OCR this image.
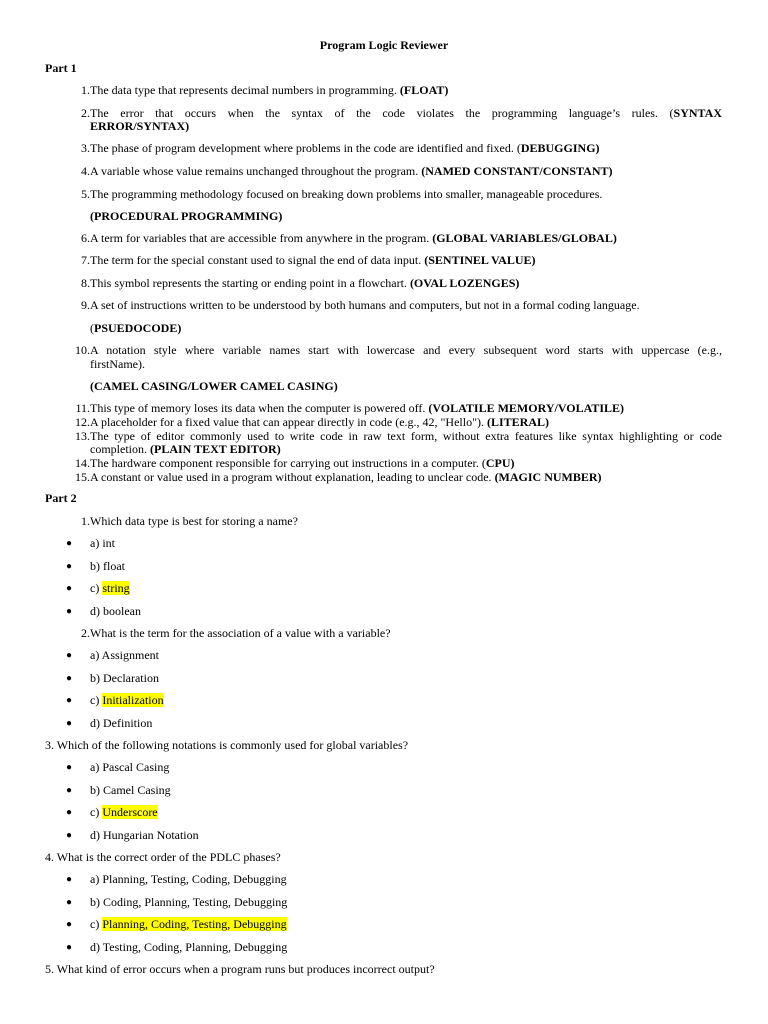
Program Logic Reviewer
Part 1
1. The data type that represents decimal numbers in programming. (FLOAT)
2. The error that occurs when the syntax of the code violates the programming language’s rules. (SYNTAX
ERROR/SYNTAX)
3. The phase of program development where problems in the code are identified and fixed. (DEBUGGING)
4. A variable whose value remains unchanged throughout the program. (NAMED CONSTANT/CONSTANT)
5. The programming methodology focused on breaking down problems into smaller, manageable procedures.
(PROCEDURAL PROGRAMMING)
6. A term for variables that are accessible from anywhere in the program. (GLOBAL VARIABLES/GLOBAL)
7. The term for the special constant used to signal the end of data input. (SENTINEL VALUE)
8. This symbol represents the starting or ending point in a flowchart. (OVAL LOZENGES)
9. A set of instructions written to be understood by both humans and computers, but not in a formal coding language.
(PSUEDOCODE)
10. A notation style where variable names start with lowercase and every subsequent word starts with uppercase (e.g.,
firstName).
(CAMEL CASING/LOWER CAMEL CASING)
11. This type of memory loses its data when the computer is powered off. (VOLATILE MEMORY/VOLATILE)
12. A placeholder for a fixed value that can appear directly in code (e.g., 42, "Hello"). (LITERAL)
13. The type of editor commonly used to write code in raw text form, without extra features like syntax highlighting or code
completion. (PLAIN TEXT EDITOR)
14. The hardware component responsible for carrying out instructions in a computer. (CPU)
15. A constant or value used in a program without explanation, leading to unclear code. (MAGIC NUMBER)
Part 2
1. Which data type is best for storing a name?
● a) int
● b) float
● c) string
● d) boolean
2. What is the term for the association of a value with a variable?
● a) Assignment
● b) Declaration
● c) Initialization
● d) Definition
3. Which of the following notations is commonly used for global variables?
● a) Pascal Casing
● b) Camel Casing
● c) Underscore
● d) Hungarian Notation
4. What is the correct order of the PDLC phases?
● a) Planning, Testing, Coding, Debugging
● b) Coding, Planning, Testing, Debugging
● c) Planning, Coding, Testing, Debugging
● d) Testing, Coding, Planning, Debugging
5. What kind of error occurs when a program runs but produces incorrect output?
